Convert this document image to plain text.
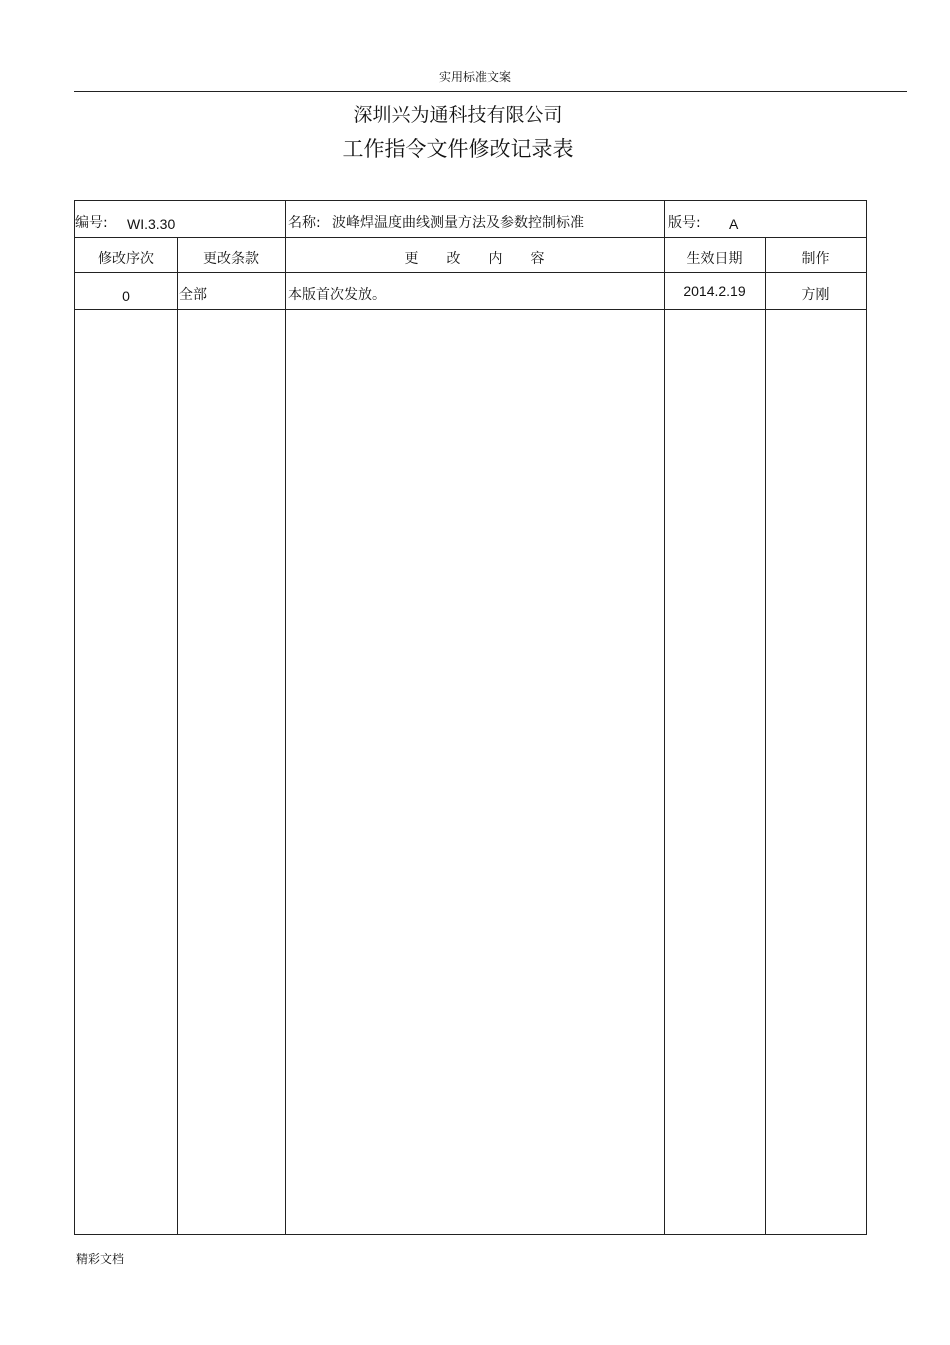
实用标准文案
深圳兴为通科技有限公司
工作指令文件修改记录表
编号: WI.3.30	名称: 波峰焊温度曲线测量方法及参数控制标准	版号: A
修改序次	更改条款	更　　改　　内　　容	生效日期	制作
0	全部	本版首次发放。	2014.2.19	方刚
精彩文档
